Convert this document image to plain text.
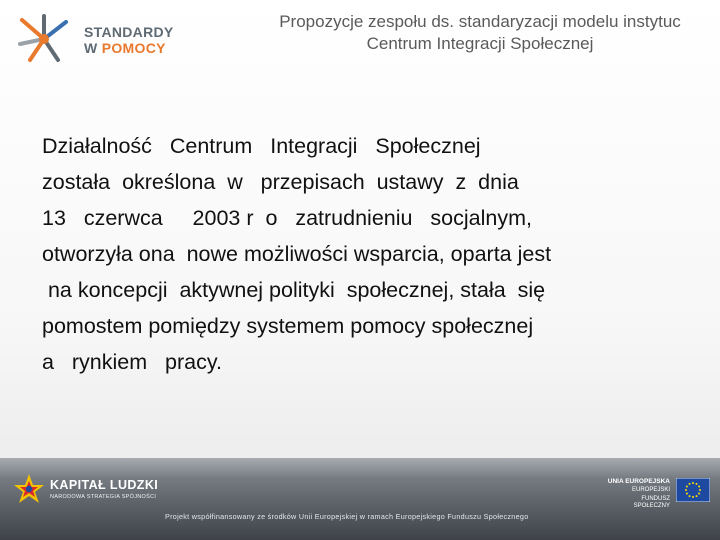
STANDARDY
W POMOCY
Propozycje zespołu ds. standaryzacji modelu instytuc
Centrum Integracji Społecznej
Działalność   Centrum   Integracji   Społecznej
została  określona  w   przepisach  ustawy  z  dnia
13   czerwca     2003 r  o   zatrudnieniu   socjalnym,
otworzyła ona  nowe możliwości wsparcia, oparta jest
na koncepcji  aktywnej polityki  społecznej, stała  się
pomostem pomiędzy systemem pomocy społecznej
a   rynkiem   pracy.
KAPITAŁ LUDZKI
NARODOWA STRATEGIA SPÓJNOŚCI
UNIA EUROPEJSKA
EUROPEJSKI
FUNDUSZ SPOŁECZNY
Projekt współfinansowany ze środków Unii Europejskiej w ramach Europejskiego Funduszu Społecznego
